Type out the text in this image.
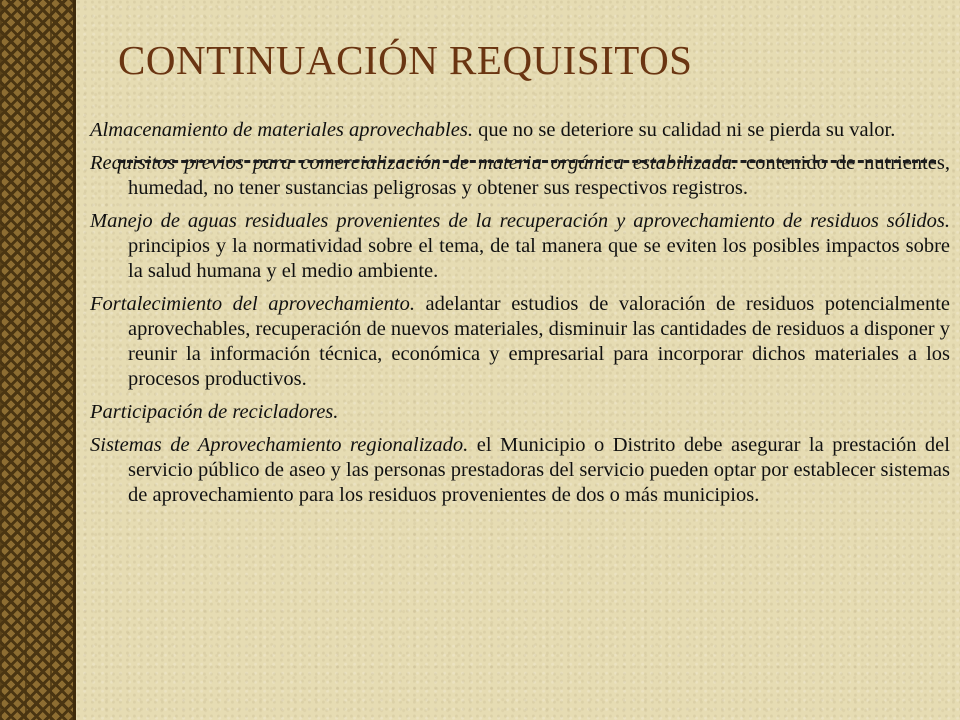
CONTINUACIÓN REQUISITOS

Almacenamiento de materiales aprovechables. que no se deteriore su calidad ni se pierda su valor.

Requisitos previos para comercialización de materia orgánica estabilizada. contenido de nutrientes, humedad, no tener sustancias peligrosas y obtener sus respectivos registros.

Manejo de aguas residuales provenientes de la recuperación y aprovechamiento de residuos sólidos. principios y la normatividad sobre el tema, de tal manera que se eviten los posibles impactos sobre la salud humana y el medio ambiente.

Fortalecimiento del aprovechamiento. adelantar estudios de valoración de residuos potencialmente aprovechables, recuperación de nuevos materiales, disminuir las cantidades de residuos a disponer y reunir la información técnica, económica y empresarial para incorporar dichos materiales a los procesos productivos.

Participación de recicladores.

Sistemas de Aprovechamiento regionalizado. el Municipio o Distrito debe asegurar la prestación del servicio público de aseo y las personas prestadoras del servicio pueden optar por establecer sistemas de aprovechamiento para los residuos provenientes de dos o más municipios.
